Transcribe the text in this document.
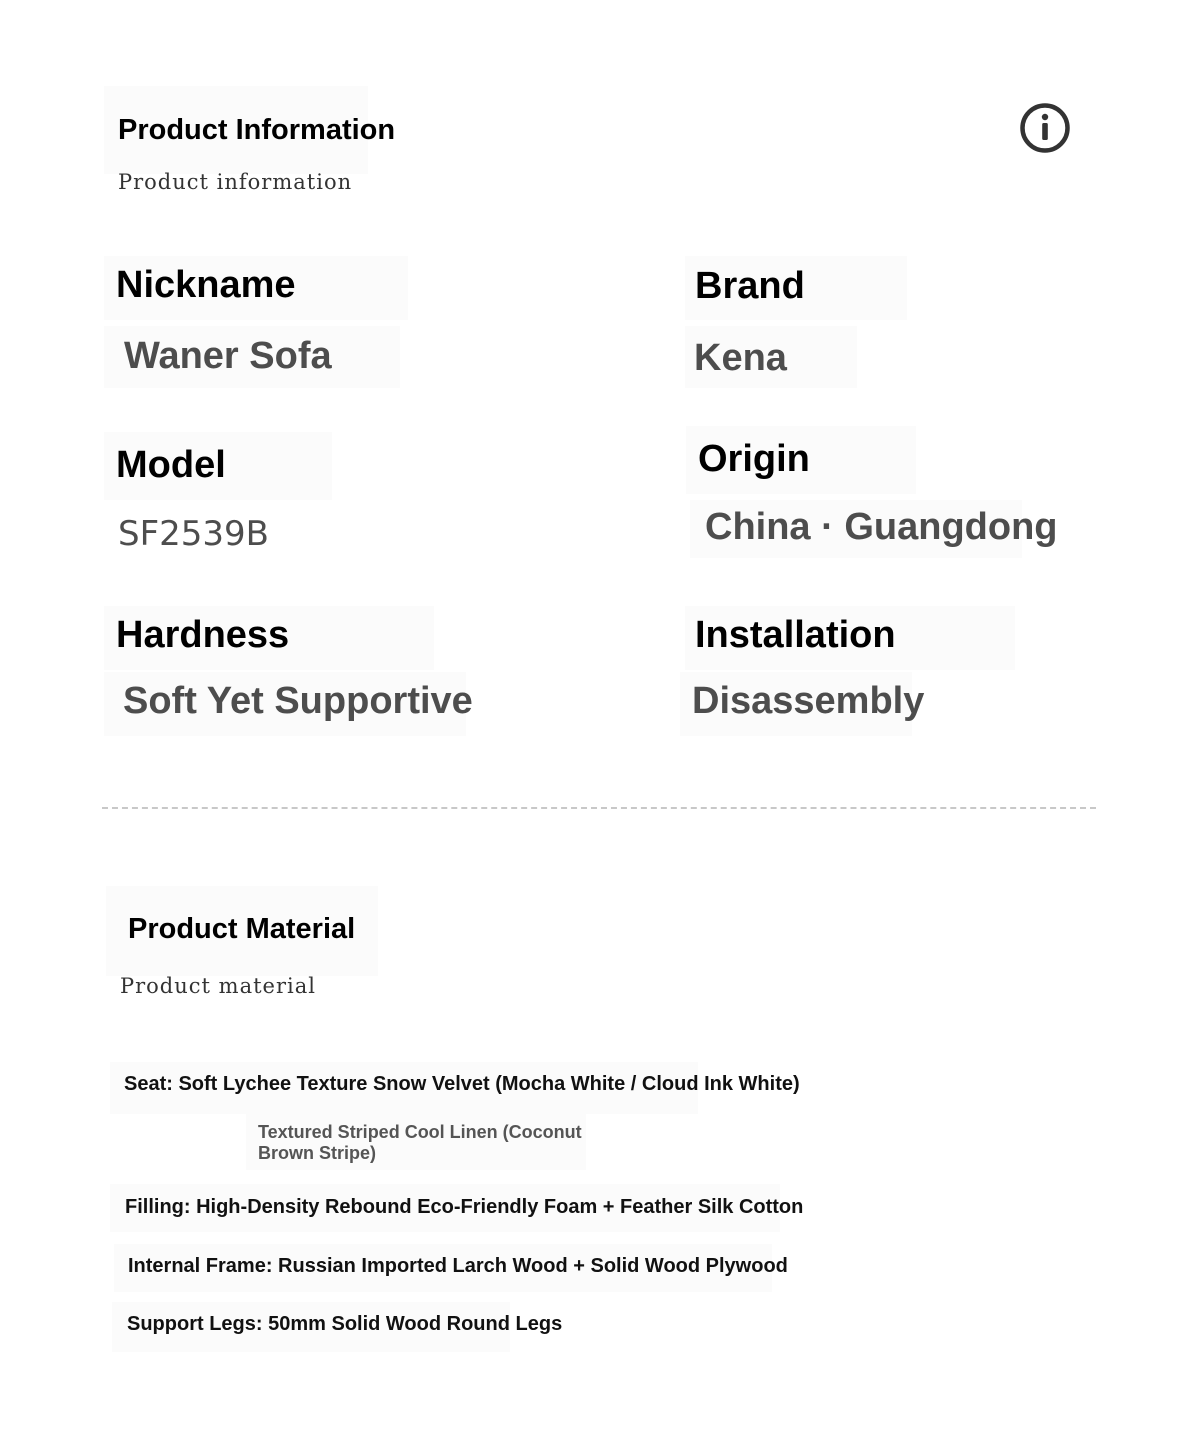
Product Information
Product information
Nickname
Waner Sofa
Brand
Kena
Model
SF2539B
Origin
China · Guangdong
Hardness
Soft Yet Supportive
Installation
Disassembly
Product Material
Product material
Seat: Soft Lychee Texture Snow Velvet (Mocha White / Cloud Ink White)
Textured Striped Cool Linen (Coconut Brown Stripe)
Filling: High-Density Rebound Eco-Friendly Foam + Feather Silk Cotton
Internal Frame: Russian Imported Larch Wood + Solid Wood Plywood
Support Legs: 50mm Solid Wood Round Legs
